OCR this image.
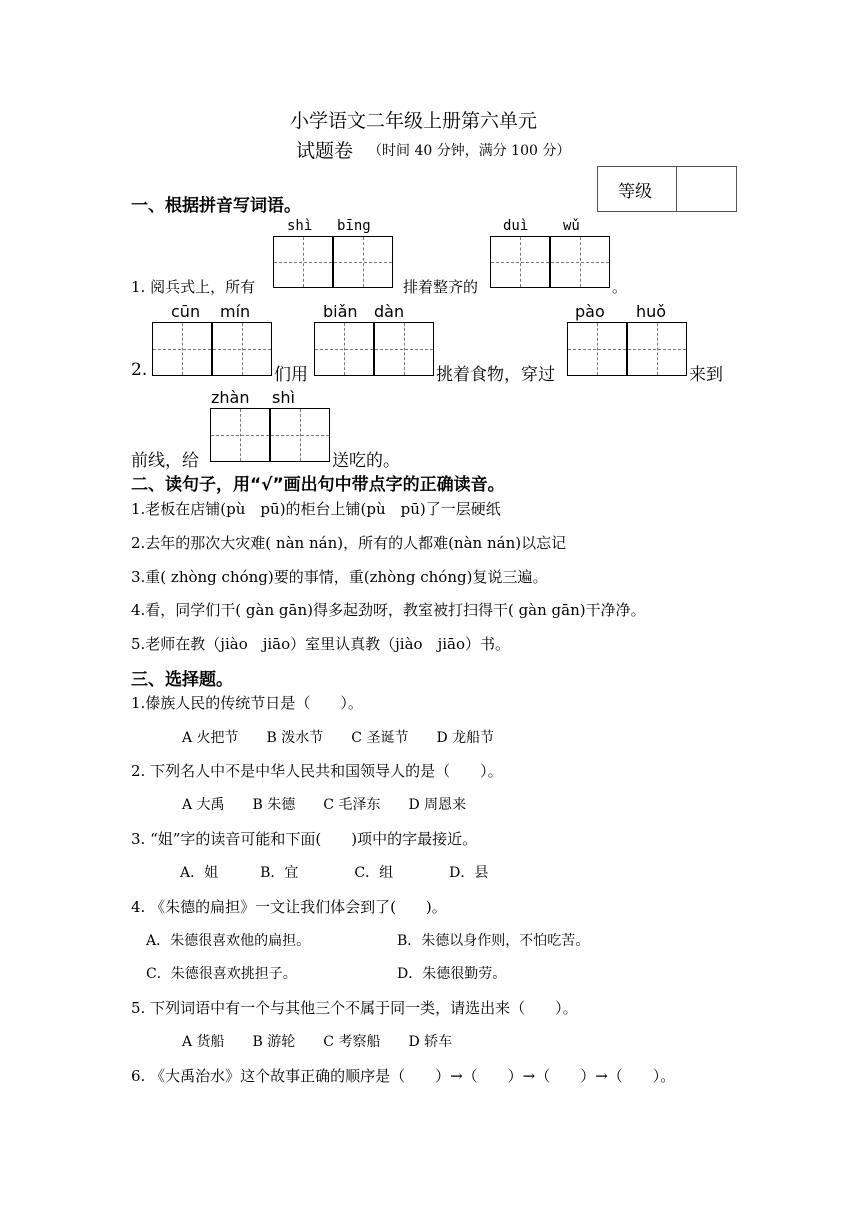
小学语文二年级上册第六单元
试题卷 （时间 40 分钟，满分 100 分）
等级
一、根据拼音写词语。
shì bīng	duì wǔ
1. 阅兵式上，所有	排着整齐的	。
cūn mín	biǎn dàn	pào huǒ
2.	们用	挑着食物，穿过	来到
zhàn shì
前线，给	送吃的。
二、读句子，用“√”画出句中带点字的正确读音。
1.老板在店铺(pù　pū)的柜台上铺(pù　pū)了一层硬纸
2.去年的那次大灾难( nàn nán)，所有的人都难(nàn nán)以忘记
3.重( zhòng chóng)要的事情，重(zhòng chóng)复说三遍。
4.看，同学们干( gàn gān)得多起劲呀，教室被打扫得干( gàn gān)干净净。
5.老师在教（jiào　jiāo）室里认真教（jiào　jiāo）书。
三、选择题。
1.傣族人民的传统节日是（　　）。
A 火把节　　B 泼水节　　C 圣诞节　　D 龙船节
2. 下列名人中不是中华人民共和国领导人的是（　　）。
A 大禹　　B 朱德　　C 毛泽东　　D 周恩来
3. “姐”字的读音可能和下面(　　)项中的字最接近。
A．姐　　　B．宜　　　　C．组　　　　D．县
4. 《朱德的扁担》一文让我们体会到了(　　)。
A．朱德很喜欢他的扁担。	B．朱德以身作则，不怕吃苦。
C．朱德很喜欢挑担子。	D．朱德很勤劳。
5. 下列词语中有一个与其他三个不属于同一类，请选出来（　　）。
A 货船　　B 游轮　　C 考察船　　D 轿车
6. 《大禹治水》这个故事正确的顺序是（　　）→（　　）→（　　）→（　　）。
